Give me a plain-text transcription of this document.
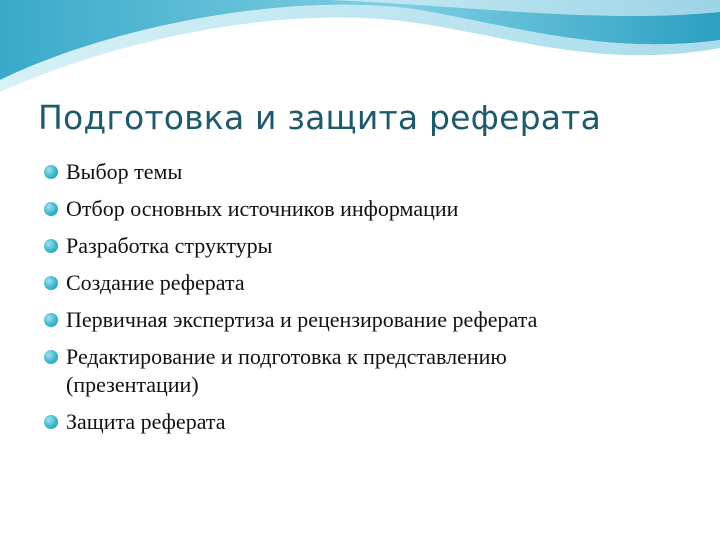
Подготовка и защита реферата
Выбор темы
Отбор основных источников информации
Разработка структуры
Создание реферата
Первичная экспертиза и рецензирование реферата
Редактирование и подготовка к представлению
(презентации)
Защита реферата
